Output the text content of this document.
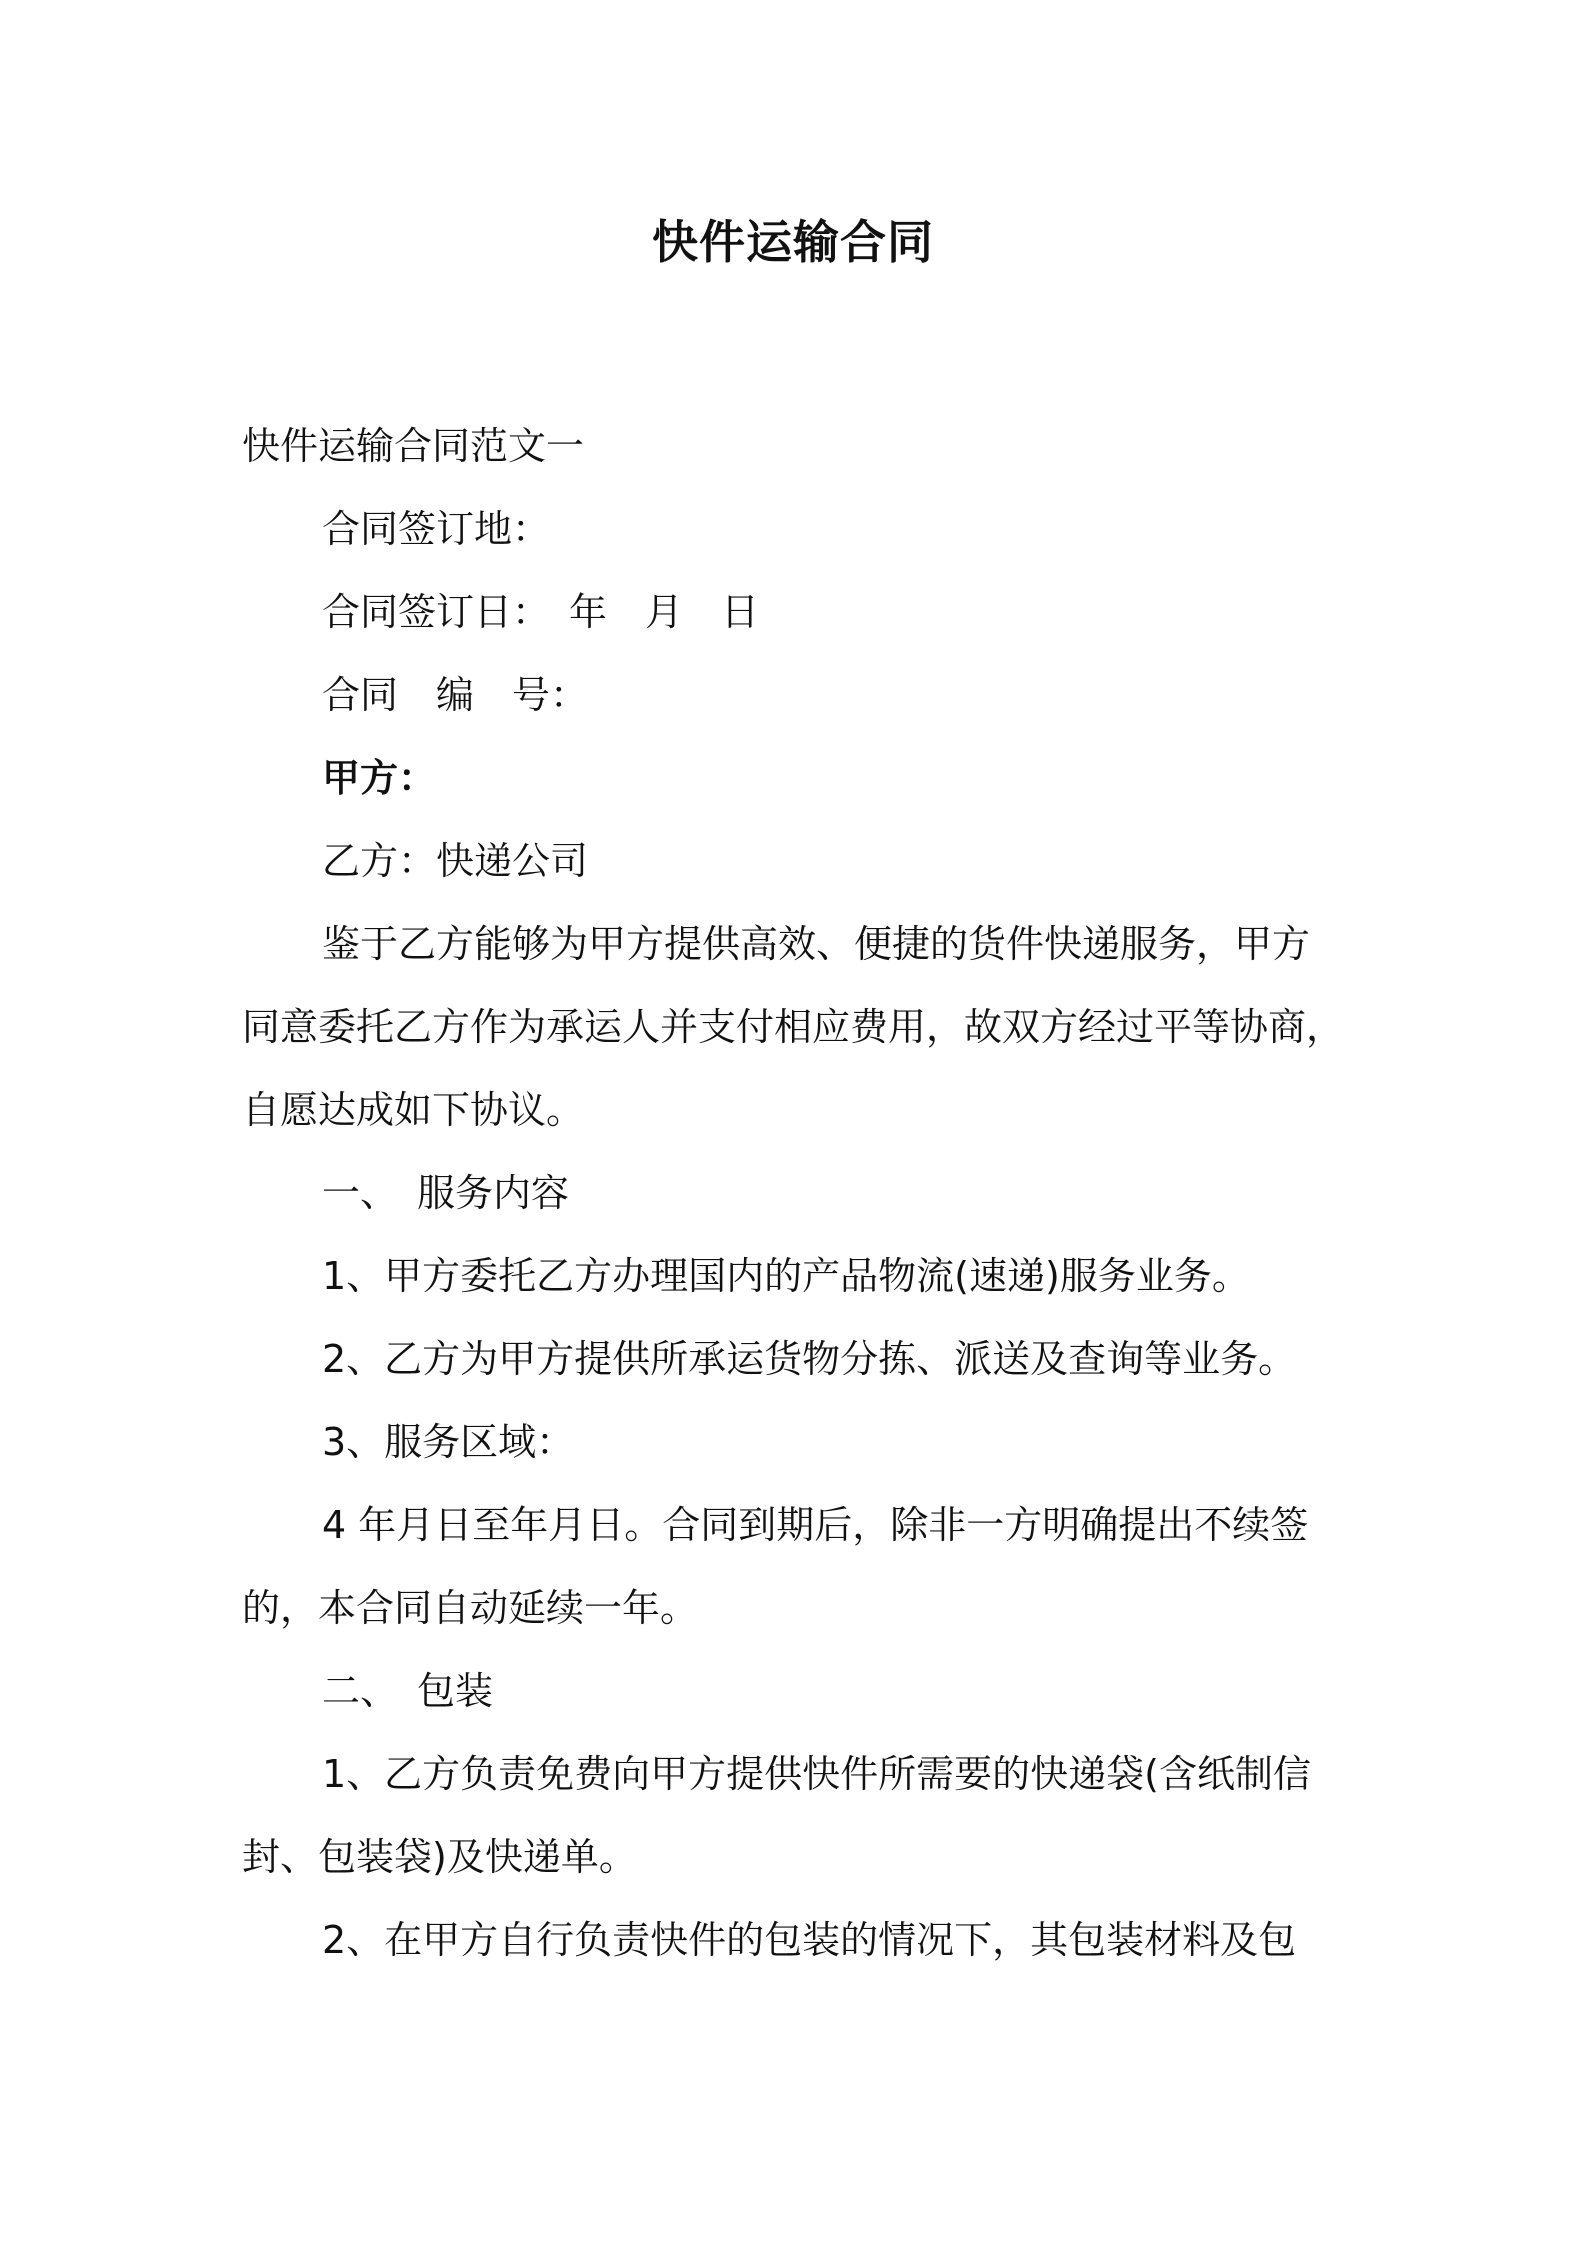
快件运输合同
快件运输合同范文一
合同签订地：
合同签订日：　年　月　日
合同　编　号：
甲方：
乙方：快递公司
鉴于乙方能够为甲方提供高效、便捷的货件快递服务，甲方
同意委托乙方作为承运人并支付相应费用，故双方经过平等协商，
自愿达成如下协议。
一、　服务内容
1、甲方委托乙方办理国内的产品物流(速递)服务业务。
2、乙方为甲方提供所承运货物分拣、派送及查询等业务。
3、服务区域：
4 年月日至年月日。合同到期后，除非一方明确提出不续签
的，本合同自动延续一年。
二、　包装
1、乙方负责免费向甲方提供快件所需要的快递袋(含纸制信
封、包装袋)及快递单。
2、在甲方自行负责快件的包装的情况下，其包装材料及包
